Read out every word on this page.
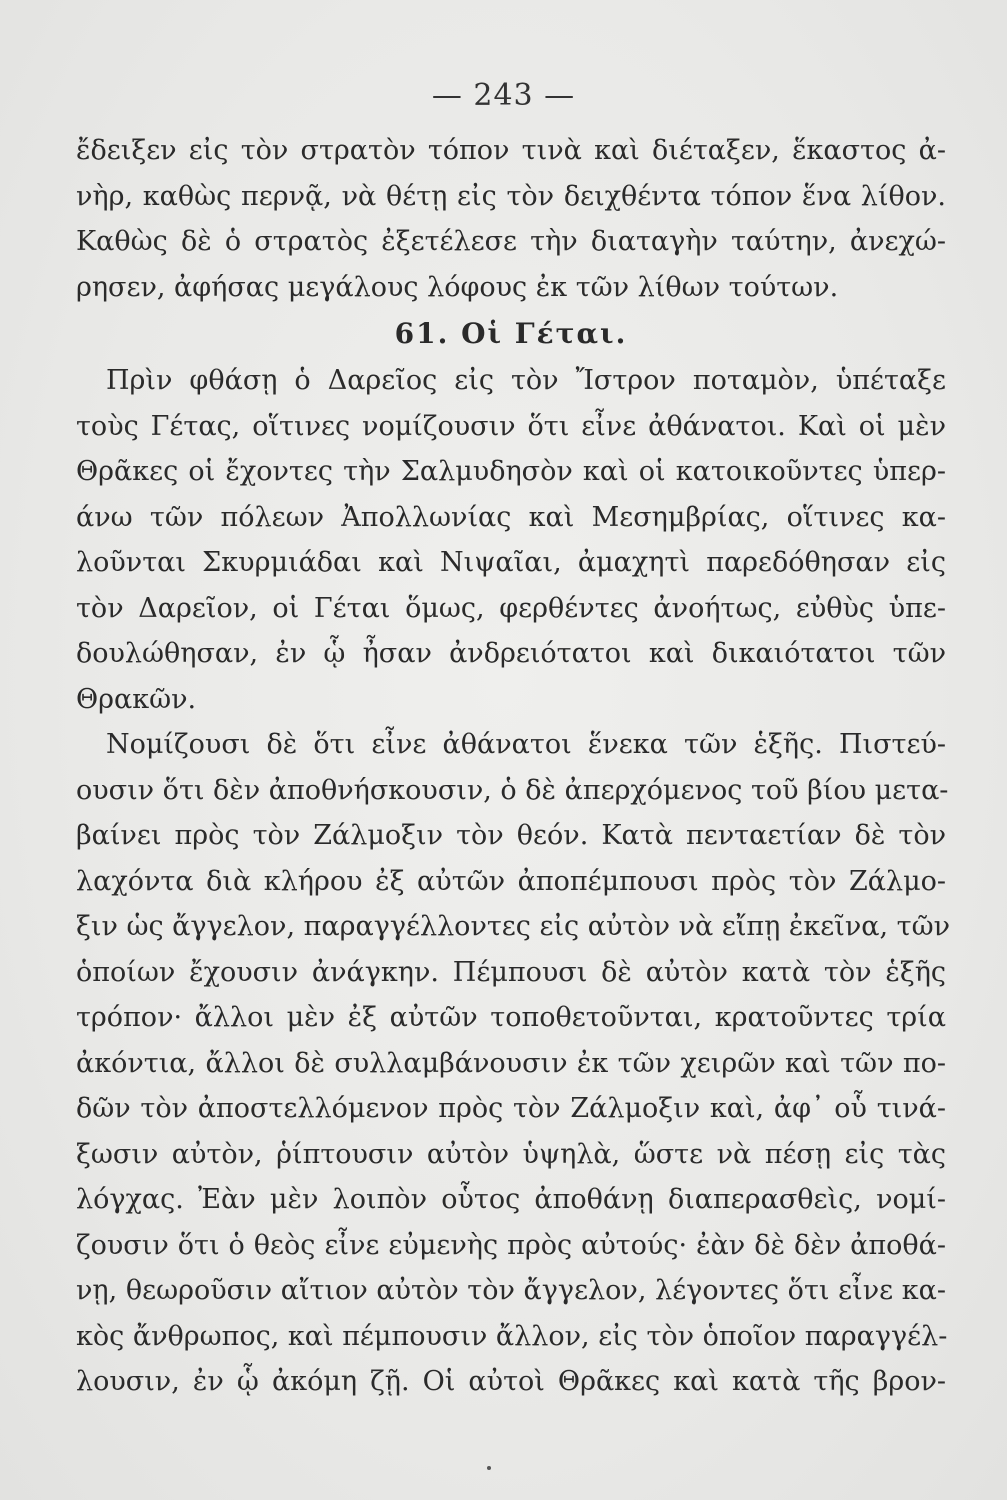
— 243 —
ἔδειξεν εἰς τὸν στρατὸν τόπον τινὰ καὶ διέταξεν, ἕκαστος ἀ-
νὴρ, καθὼς περνᾷ, νὰ θέτῃ εἰς τὸν δειχθέντα τόπον ἕνα λίθον.
Καθὼς δὲ ὁ στρατὸς ἐξετέλεσε τὴν διαταγὴν ταύτην, ἀνεχώ-
ρησεν, ἀφήσας μεγάλους λόφους ἐκ τῶν λίθων τούτων.
61. Οἱ Γέται.
Πρὶν φθάσῃ ὁ Δαρεῖος εἰς τὸν Ἴστρον ποταμὸν, ὑπέταξε
τοὺς Γέτας, οἵτινες νομίζουσιν ὅτι εἶνε ἀθάνατοι. Καὶ οἱ μὲν
Θρᾶκες οἱ ἔχοντες τὴν Σαλμυδησὸν καὶ οἱ κατοικοῦντες ὑπερ-
άνω τῶν πόλεων Ἀπολλωνίας καὶ Μεσημβρίας, οἵτινες κα-
λοῦνται Σκυρμιάδαι καὶ Νιψαῖαι, ἀμαχητὶ παρεδόθησαν εἰς
τὸν Δαρεῖον, οἱ Γέται ὅμως, φερθέντες ἀνοήτως, εὐθὺς ὑπε-
δουλώθησαν, ἐν ᾧ ἦσαν ἀνδρειότατοι καὶ δικαιότατοι τῶν
Θρακῶν.
Νομίζουσι δὲ ὅτι εἶνε ἀθάνατοι ἕνεκα τῶν ἑξῆς. Πιστεύ-
ουσιν ὅτι δὲν ἀποθνήσκουσιν, ὁ δὲ ἀπερχόμενος τοῦ βίου μετα-
βαίνει πρὸς τὸν Ζάλμοξιν τὸν θεόν. Κατὰ πενταετίαν δὲ τὸν
λαχόντα διὰ κλήρου ἐξ αὐτῶν ἀποπέμπουσι πρὸς τὸν Ζάλμο-
ξιν ὡς ἄγγελον, παραγγέλλοντες εἰς αὐτὸν νὰ εἴπῃ ἐκεῖνα, τῶν
ὁποίων ἔχουσιν ἀνάγκην. Πέμπουσι δὲ αὐτὸν κατὰ τὸν ἑξῆς
τρόπον· ἄλλοι μὲν ἐξ αὐτῶν τοποθετοῦνται, κρατοῦντες τρία
ἀκόντια, ἄλλοι δὲ συλλαμβάνουσιν ἐκ τῶν χειρῶν καὶ τῶν πο-
δῶν τὸν ἀποστελλόμενον πρὸς τὸν Ζάλμοξιν καὶ, ἀφ᾽ οὗ τινά-
ξωσιν αὐτὸν, ῥίπτουσιν αὐτὸν ὑψηλὰ, ὥστε νὰ πέσῃ εἰς τὰς
λόγχας. Ἐὰν μὲν λοιπὸν οὗτος ἀποθάνῃ διαπερασθεὶς, νομί-
ζουσιν ὅτι ὁ θεὸς εἶνε εὐμενὴς πρὸς αὐτούς· ἐὰν δὲ δὲν ἀποθά-
νῃ, θεωροῦσιν αἴτιον αὐτὸν τὸν ἄγγελον, λέγοντες ὅτι εἶνε κα-
κὸς ἄνθρωπος, καὶ πέμπουσιν ἄλλον, εἰς τὸν ὁποῖον παραγγέλ-
λουσιν, ἐν ᾧ ἀκόμη ζῇ. Οἱ αὐτοὶ Θρᾶκες καὶ κατὰ τῆς βρον-
